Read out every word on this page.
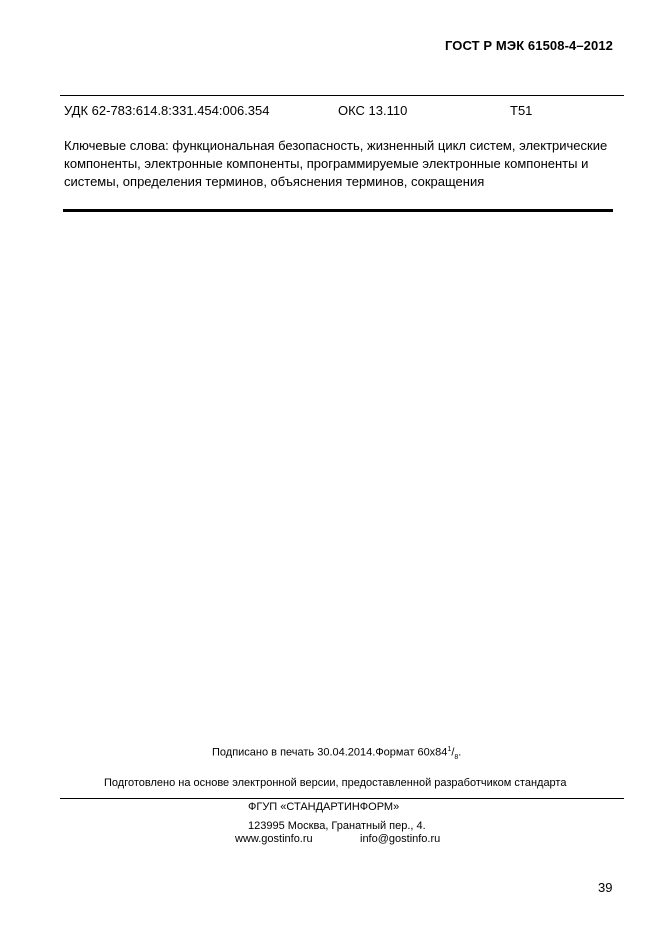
ГОСТ Р МЭК 61508-4–2012
УДК 62-783:614.8:331.454:006.354	ОКС 13.110	Т51
Ключевые слова: функциональная безопасность, жизненный цикл систем, электрические
компоненты, электронные компоненты, программируемые электронные компоненты и
системы, определения терминов, объяснения терминов, сокращения
Подписано в печать 30.04.2014.Формат $60х84^1/_8$.
Подготовлено на основе электронной версии, предоставленной разработчиком стандарта
ФГУП «СТАНДАРТИНФОРМ»
123995 Москва, Гранатный пер., 4.
www.gostinfo.ru	info@gostinfo.ru
39
